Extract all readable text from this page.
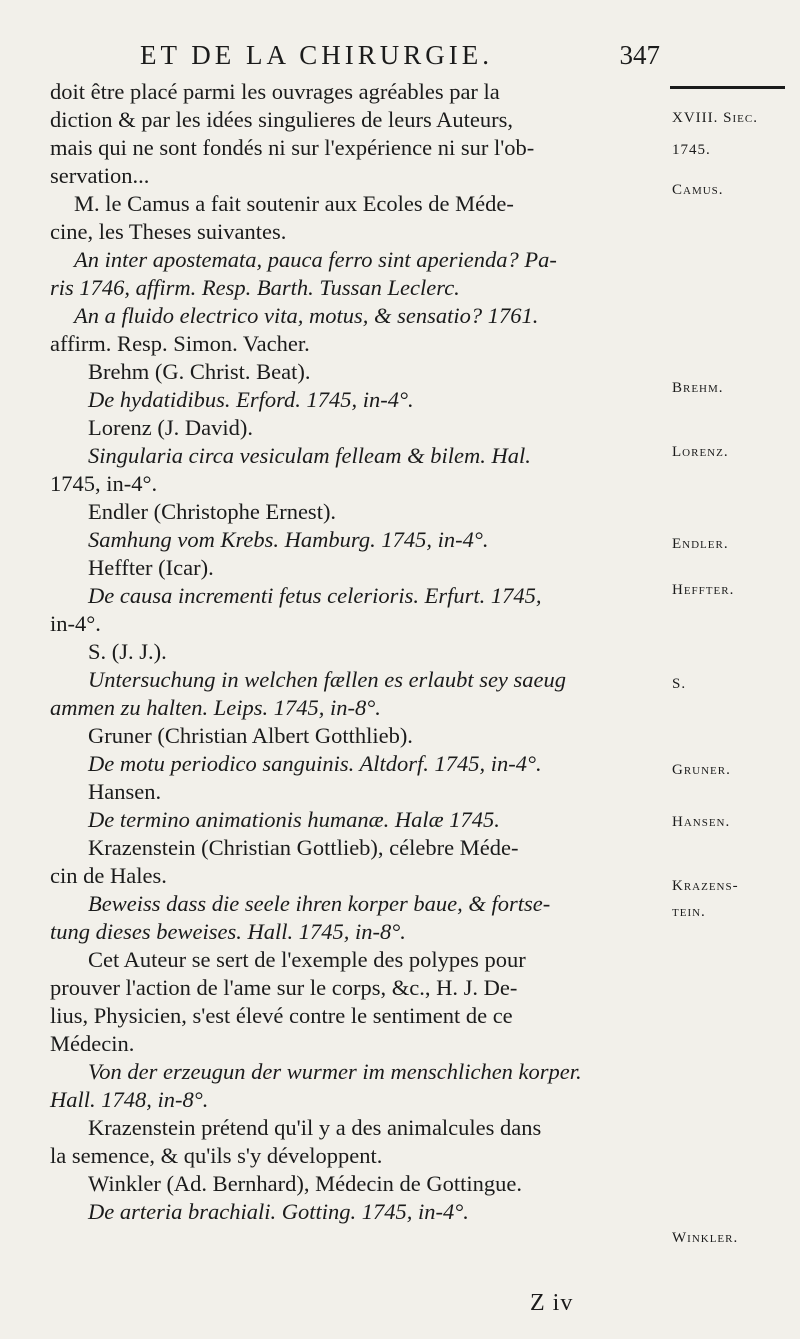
ET DE LA CHIRURGIE.	347
doit être placé parmi les ouvrages agréables par la
diction & par les idées singulieres de leurs Auteurs,
mais qui ne sont fondés ni sur l'expérience ni sur l'ob-
servation...
M. le Camus a fait soutenir aux Ecoles de Méde-
cine, les Theses suivantes.
An inter apostemata, pauca ferro sint aperienda? Pa-
ris 1746, affirm. Resp. Barth. Tussan Leclerc.
An a fluido electrico vita, motus, & sensatio? 1761.
affirm. Resp. Simon. Vacher.
Brehm (G. Christ. Beat).
De hydatidibus. Erford. 1745, in-4°.
Lorenz (J. David).
Singularia circa vesiculam felleam & bilem. Hal.
1745, in-4°.
Endler (Christophe Ernest).
Samhung vom Krebs. Hamburg. 1745, in-4°.
Heffter (Icar).
De causa incrementi fetus celerioris. Erfurt. 1745,
in-4°.
S. (J. J.).
Untersuchung in welchen fællen es erlaubt sey saeug
ammen zu halten. Leips. 1745, in-8°.
Gruner (Christian Albert Gotthlieb).
De motu periodico sanguinis. Altdorf. 1745, in-4°.
Hansen.
De termino animationis humanæ. Halæ 1745.
Krazenstein (Christian Gottlieb), célebre Méde-
cin de Hales.
Beweiss dass die seele ihren korper baue, & fortse-
tung dieses beweises. Hall. 1745, in-8°.
Cet Auteur se sert de l'exemple des polypes pour
prouver l'action de l'ame sur le corps, &c., H. J. De-
lius, Physicien, s'est élevé contre le sentiment de ce
Médecin.
Von der erzeugun der wurmer im menschlichen korper.
Hall. 1748, in-8°.
Krazenstein prétend qu'il y a des animalcules dans
la semence, & qu'ils s'y développent.
Winkler (Ad. Bernhard), Médecin de Gottingue.
De arteria brachiali. Gotting. 1745, in-4°.
XVIII. Siec.
1745.
Camus.
Brehm.
Lorenz.
Endler.
Heffter.
S.
Gruner.
Hansen.
Krazens-
tein.
Winkler.
Z iv
